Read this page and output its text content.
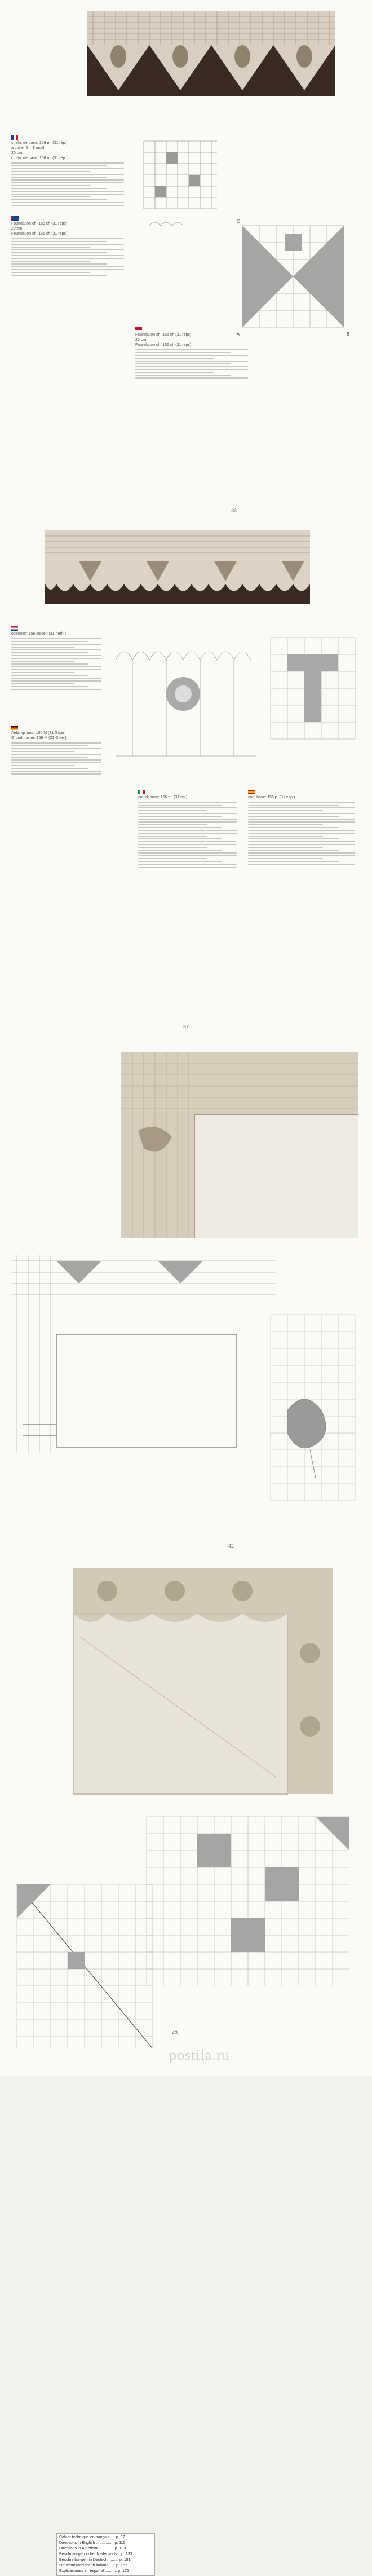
chaîn. de base: 156 m. (31 rép.)
aiguille: 5 = 1 motif
20 cm
chaîn. de base: 156 m. (31 rép.)
Foundation ch: 156 ch (31 reps)
20 cm
Foundation ch: 156 ch (31 reps)
C
A	B
Foundation ch: 156 ch (31 reps)
20 cm
Foundation ch: 156 ch (31 reps)
36
opzetten: 156 lossen (31 herh.)
Anfangsmaß: 156 M (31 Gitter)
Grundmuster: 156 M (31 Gitter)
cat. di base: 156 m. (31 rip.)	cad. base: 156 p. (31 esp.)
37
Cahier technique en français .... p. 97
Directions in English ................ p. 115
Directions in American ............. p. 133
Beschrijvingen in het Nederlands .. p. 133
Beschreibungen in Deutsch ......... p. 151
Istruzioni tecniche in italiano ..... p. 157
Explicaciones en español ........... p. 175
42
43
postila.ru
